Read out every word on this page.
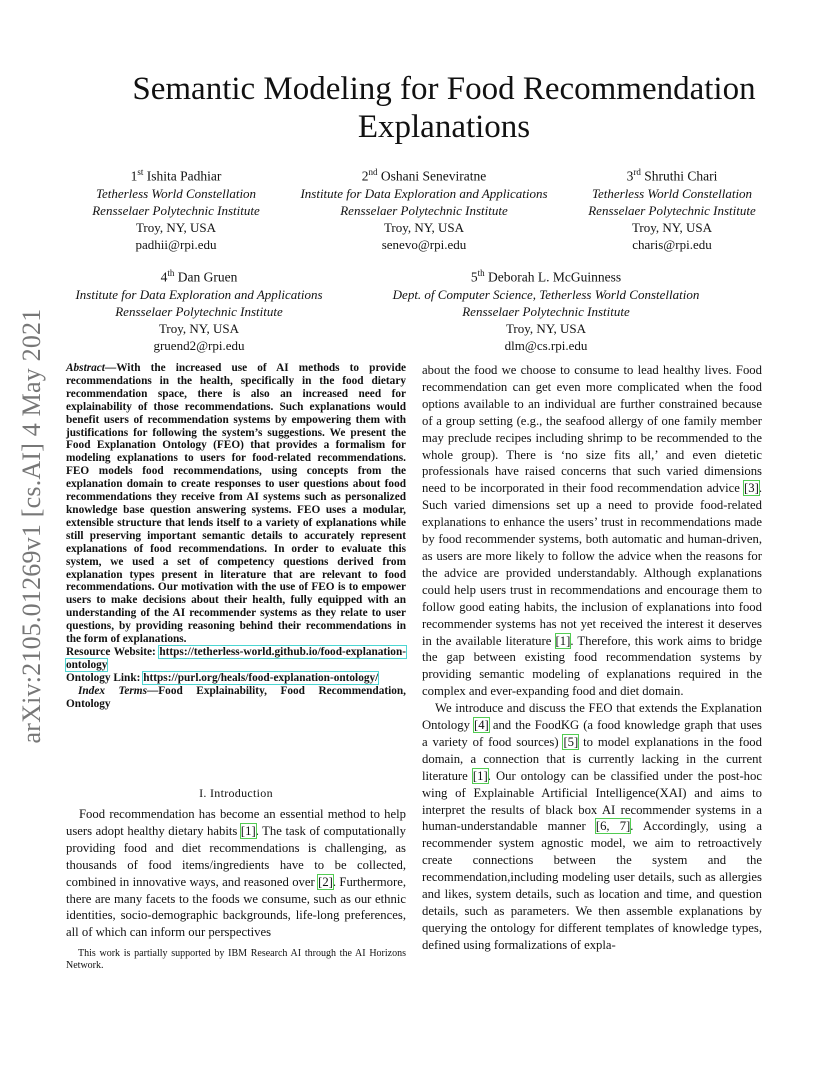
arXiv:2105.01269v1 [cs.AI] 4 May 2021
Semantic Modeling for Food Recommendation
Explanations
1st Ishita Padhiar
Tetherless World Constellation
Rensselaer Polytechnic Institute
Troy, NY, USA
padhii@rpi.edu
2nd Oshani Seneviratne
Institute for Data Exploration and Applications
Rensselaer Polytechnic Institute
Troy, NY, USA
senevo@rpi.edu
3rd Shruthi Chari
Tetherless World Constellation
Rensselaer Polytechnic Institute
Troy, NY, USA
charis@rpi.edu
4th Dan Gruen
Institute for Data Exploration and Applications
Rensselaer Polytechnic Institute
Troy, NY, USA
gruend2@rpi.edu
5th Deborah L. McGuinness
Dept. of Computer Science, Tetherless World Constellation
Rensselaer Polytechnic Institute
Troy, NY, USA
dlm@cs.rpi.edu

Abstract—With the increased use of AI methods to provide recommendations in the health, specifically in the food dietary recommendation space, there is also an increased need for explainability of those recommendations. Such explanations would benefit users of recommendation systems by empowering them with justifications for following the system’s suggestions. We present the Food Explanation Ontology (FEO) that provides a formalism for modeling explanations to users for food-related recommendations. FEO models food recommendations, using concepts from the explanation domain to create responses to user questions about food recommendations they receive from AI systems such as personalized knowledge base question answering systems. FEO uses a modular, extensible structure that lends itself to a variety of explanations while still preserving important semantic details to accurately represent explanations of food recommendations. In order to evaluate this system, we used a set of competency questions derived from explanation types present in literature that are relevant to food recommendations. Our motivation with the use of FEO is to empower users to make decisions about their health, fully equipped with an understanding of the AI recommender systems as they relate to user questions, by providing reasoning behind their recommendations in the form of explanations.

Resource Website: https://tetherless-world.github.io/food-explanation-ontology

Ontology Link: https://purl.org/heals/food-explanation-ontology/

Index Terms—Food Explainability, Food Recommendation, Ontology

I. Introduction

Food recommendation has become an essential method to help users adopt healthy dietary habits [1]. The task of computationally providing food and diet recommendations is challenging, as thousands of food items/ingredients have to be collected, combined in innovative ways, and reasoned over [2]. Furthermore, there are many facets to the foods we consume, such as our ethnic identities, socio-demographic backgrounds, life-long preferences, all of which can inform our perspectives

This work is partially supported by IBM Research AI through the AI Horizons Network.

about the food we choose to consume to lead healthy lives. Food recommendation can get even more complicated when the food options available to an individual are further constrained because of a group setting (e.g., the seafood allergy of one family member may preclude recipes including shrimp to be recommended to the whole group). There is ‘no size fits all,’ and even dietetic professionals have raised concerns that such varied dimensions need to be incorporated in their food recommendation advice [3]. Such varied dimensions set up a need to provide food-related explanations to enhance the users’ trust in recommendations made by food recommender systems, both automatic and human-driven, as users are more likely to follow the advice when the reasons for the advice are provided understandably. Although explanations could help users trust in recommendations and encourage them to follow good eating habits, the inclusion of explanations into food recommender systems has not yet received the interest it deserves in the available literature [1]. Therefore, this work aims to bridge the gap between existing food recommendation systems by providing semantic modeling of explanations required in the complex and ever-expanding food and diet domain.

We introduce and discuss the FEO that extends the Explanation Ontology [4] and the FoodKG (a food knowledge graph that uses a variety of food sources) [5] to model explanations in the food domain, a connection that is currently lacking in the current literature [1]. Our ontology can be classified under the post-hoc wing of Explainable Artificial Intelligence(XAI) and aims to interpret the results of black box AI recommender systems in a human-understandable manner [6, 7]. Accordingly, using a recommender system agnostic model, we aim to retroactively create connections between the system and the recommendation,including modeling user details, such as allergies and likes, system details, such as location and time, and question details, such as parameters. We then assemble explanations by querying the ontology for different templates of knowledge types, defined using formalizations of expla-
